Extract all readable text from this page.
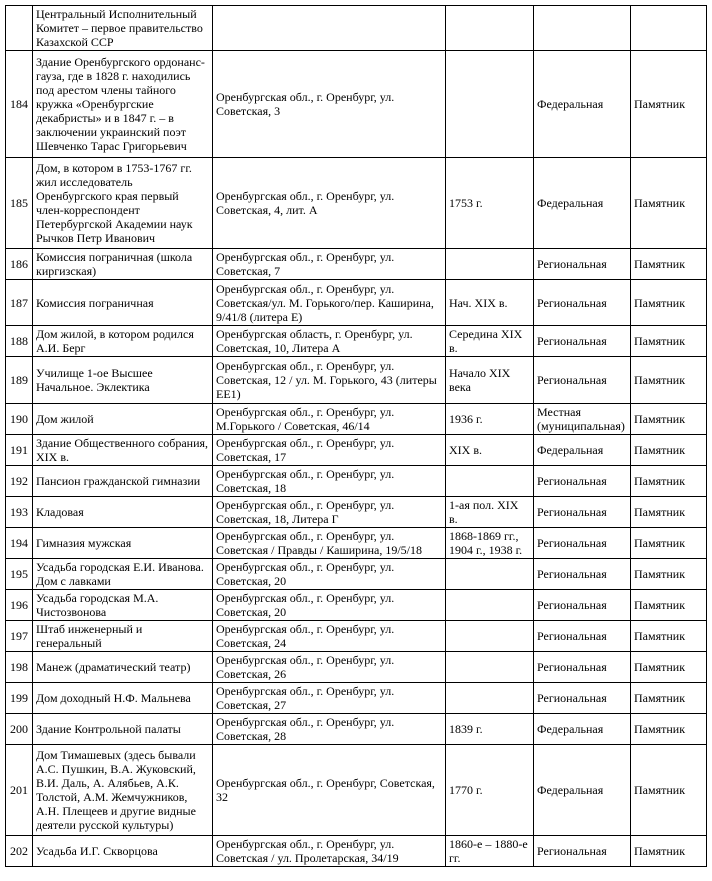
	Центральный Исполнительный Комитет – первое правительство Казахской ССР				
184	Здание Оренбургского ордонанс-гауза, где в 1828 г. находились под арестом члены тайного кружка «Оренбургские декабристы» и в 1847 г. – в заключении украинский поэт Шевченко Тарас Григорьевич	Оренбургская обл., г. Оренбург, ул. Советская, 3		Федеральная	Памятник
185	Дом, в котором в 1753-1767 гг. жил исследователь Оренбургского края первый член-корреспондент Петербургской Академии наук Рычков Петр Иванович	Оренбургская обл., г. Оренбург, ул. Советская, 4, лит. А	1753 г.	Федеральная	Памятник
186	Комиссия пограничная (школа киргизская)	Оренбургская обл., г. Оренбург, ул. Советская, 7		Региональная	Памятник
187	Комиссия пограничная	Оренбургская обл., г. Оренбург, ул. Советская/ул. М. Горького/пер. Каширина, 9/41/8 (литера Е)	Нач. XIX в.	Региональная	Памятник
188	Дом жилой, в котором родился А.И. Берг	Оренбургская область, г. Оренбург, ул. Советская, 10, Литера А	Середина XIX в.	Региональная	Памятник
189	Училище 1-ое Высшее Начальное. Эклектика	Оренбургская обл., г. Оренбург, ул. Советская, 12 / ул. М. Горького, 43 (литеры ЕЕ1)	Начало XIX века	Региональная	Памятник
190	Дом жилой	Оренбургская обл., г. Оренбург, ул. М.Горького / Советская, 46/14	1936 г.	Местная (муниципальная)	Памятник
191	Здание Общественного собрания, XIX в.	Оренбургская обл., г. Оренбург, ул. Советская, 17	XIX в.	Федеральная	Памятник
192	Пансион гражданской гимназии	Оренбургская обл., г. Оренбург, ул. Советская, 18		Региональная	Памятник
193	Кладовая	Оренбургская обл., г. Оренбург, ул. Советская, 18, Литера Г	1-ая пол. XIX в.	Региональная	Памятник
194	Гимназия мужская	Оренбургская обл., г. Оренбург, ул. Советская / Правды / Каширина, 19/5/18	1868-1869 гг., 1904 г., 1938 г.	Региональная	Памятник
195	Усадьба городская Е.И. Иванова. Дом с лавками	Оренбургская обл., г. Оренбург, ул. Советская, 20		Региональная	Памятник
196	Усадьба городская М.А. Чистозвонова	Оренбургская обл., г. Оренбург, ул. Советская, 20		Региональная	Памятник
197	Штаб инженерный и генеральный	Оренбургская обл., г. Оренбург, ул. Советская, 24		Региональная	Памятник
198	Манеж (драматический театр)	Оренбургская обл., г. Оренбург, ул. Советская, 26		Региональная	Памятник
199	Дом доходный Н.Ф. Мальнева	Оренбургская обл., г. Оренбург, ул. Советская, 27		Региональная	Памятник
200	Здание Контрольной палаты	Оренбургская обл., г. Оренбург, ул. Советская, 28	1839 г.	Федеральная	Памятник
201	Дом Тимашевых (здесь бывали А.С. Пушкин, В.А. Жуковский, В.И. Даль, А. Алябьев, А.К. Толстой, А.М. Жемчужников, А.Н. Плещеев и другие видные деятели русской культуры)	Оренбургская обл., г. Оренбург, Советская, 32	1770 г.	Федеральная	Памятник
202	Усадьба И.Г. Скворцова	Оренбургская обл., г. Оренбург, ул. Советская / ул. Пролетарская, 34/19	1860-е – 1880-е гг.	Региональная	Памятник
